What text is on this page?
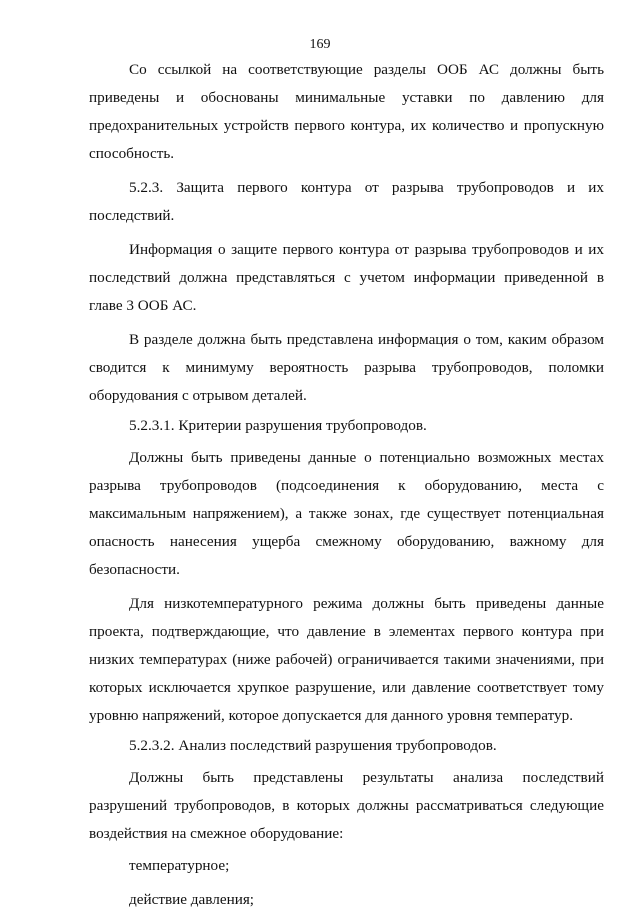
169

Со ссылкой на соответствующие разделы ООБ АС должны быть приведены и обоснованы минимальные уставки по давлению для предохранительных устройств первого контура, их количество и пропускную способность.

5.2.3. Защита первого контура от разрыва трубопроводов и их последствий.

Информация о защите первого контура от разрыва трубопроводов и их последствий должна представляться с учетом информации приведенной в главе 3 ООБ АС.

В разделе должна быть представлена информация о том, каким образом сводится к минимуму вероятность разрыва трубопроводов, поломки оборудования с отрывом деталей.

5.2.3.1. Критерии разрушения трубопроводов.

Должны быть приведены данные о потенциально возможных местах разрыва трубопроводов (подсоединения к оборудованию, места с максимальным напряжением), а также зонах, где существует потенциальная опасность нанесения ущерба смежному оборудованию, важному для безопасности.

Для низкотемпературного режима должны быть приведены данные проекта, подтверждающие, что давление в элементах первого контура при низких температурах (ниже рабочей) ограничивается такими значениями, при которых исключается хрупкое разрушение, или давление соответствует тому уровню напряжений, которое допускается для данного уровня температур.

5.2.3.2. Анализ последствий разрушения трубопроводов.

Должны быть представлены результаты анализа последствий разрушений трубопроводов, в которых должны рассматриваться следующие воздействия на смежное оборудование:

температурное;

действие давления;
